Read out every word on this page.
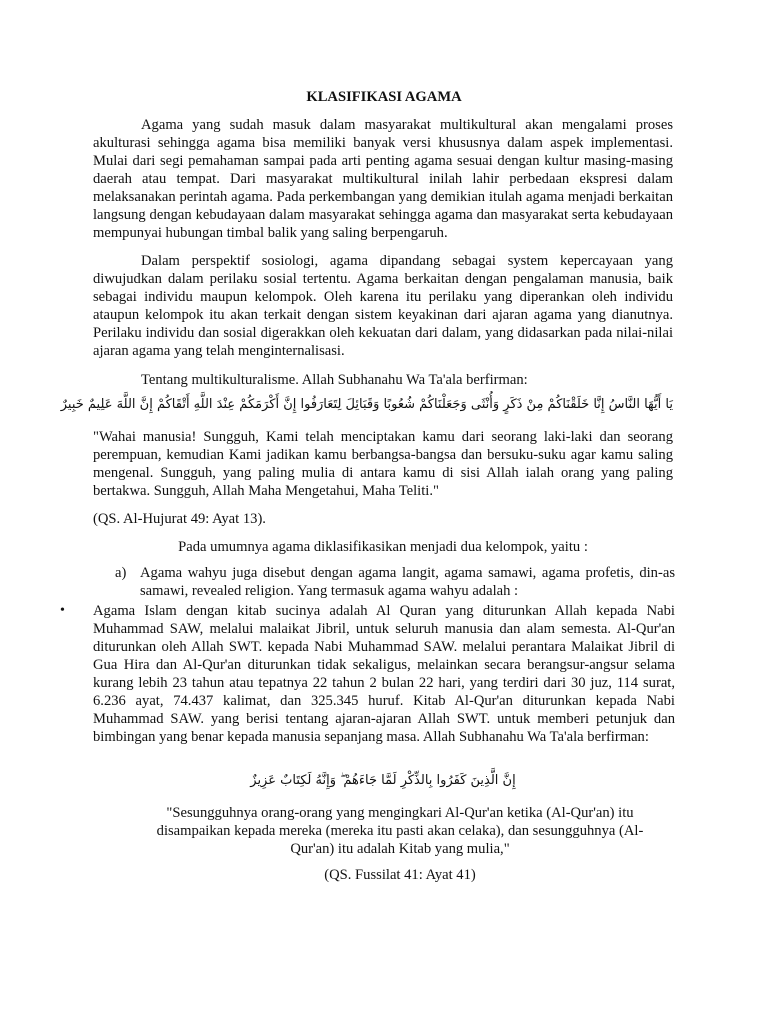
KLASIFIKASI AGAMA
Agama yang sudah masuk dalam masyarakat multikultural akan mengalami proses akulturasi sehingga agama bisa memiliki banyak versi khususnya dalam aspek implementasi. Mulai dari segi pemahaman sampai pada arti penting agama sesuai dengan kultur masing-masing daerah atau tempat. Dari masyarakat multikultural inilah lahir perbedaan ekspresi dalam melaksanakan perintah agama. Pada perkembangan yang demikian itulah agama menjadi berkaitan langsung dengan kebudayaan dalam masyarakat sehingga agama dan masyarakat serta kebudayaan mempunyai hubungan timbal balik yang saling berpengaruh.
Dalam perspektif sosiologi, agama dipandang sebagai system kepercayaan yang diwujudkan dalam perilaku sosial tertentu. Agama berkaitan dengan pengalaman manusia, baik sebagai individu maupun kelompok. Oleh karena itu perilaku yang diperankan oleh individu ataupun kelompok itu akan terkait dengan sistem keyakinan dari ajaran agama yang dianutnya. Perilaku individu dan sosial digerakkan oleh kekuatan dari dalam, yang didasarkan pada nilai-nilai ajaran agama yang telah menginternalisasi.
Tentang multikulturalisme. Allah Subhanahu Wa Ta'ala berfirman:
يَا أَيُّهَا النَّاسُ إِنَّا خَلَقْنَاكُمْ مِنْ ذَكَرٍ وَأُنْثَى وَجَعَلْنَاكُمْ شُعُوبًا وَقَبَائِلَ لِتَعَارَفُوا إِنَّ أَكْرَمَكُمْ عِنْدَ اللَّهِ أَتْقَاكُمْ إِنَّ اللَّهَ عَلِيمٌ خَبِيرٌ
"Wahai manusia! Sungguh, Kami telah menciptakan kamu dari seorang laki-laki dan seorang perempuan, kemudian Kami jadikan kamu berbangsa-bangsa dan bersuku-suku agar kamu saling mengenal. Sungguh, yang paling mulia di antara kamu di sisi Allah ialah orang yang paling bertakwa. Sungguh, Allah Maha Mengetahui, Maha Teliti."
(QS. Al-Hujurat 49: Ayat 13).
Pada umumnya agama diklasifikasikan menjadi dua kelompok, yaitu :
a) Agama wahyu juga disebut dengan agama langit, agama samawi, agama profetis, din-as samawi, revealed religion. Yang termasuk agama wahyu adalah :
• Agama Islam dengan kitab sucinya adalah Al Quran yang diturunkan Allah kepada Nabi Muhammad SAW, melalui malaikat Jibril, untuk seluruh manusia dan alam semesta. Al-Qur'an diturunkan oleh Allah SWT. kepada Nabi Muhammad SAW. melalui perantara Malaikat Jibril di Gua Hira dan Al-Qur'an diturunkan tidak sekaligus, melainkan secara berangsur-angsur selama kurang lebih 23 tahun atau tepatnya 22 tahun 2 bulan 22 hari, yang terdiri dari 30 juz, 114 surat, 6.236 ayat, 74.437 kalimat, dan 325.345 huruf. Kitab Al-Qur'an diturunkan kepada Nabi Muhammad SAW. yang berisi tentang ajaran-ajaran Allah SWT. untuk memberi petunjuk dan bimbingan yang benar kepada manusia sepanjang masa. Allah Subhanahu Wa Ta'ala berfirman:
إِنَّ الَّذِينَ كَفَرُوا بِالذِّكْرِ لَمَّا جَاءَهُمْ ۖ وَإِنَّهُ لَكِتَابٌ عَزِيزٌ
"Sesungguhnya orang-orang yang mengingkari Al-Qur'an ketika (Al-Qur'an) itu disampaikan kepada mereka (mereka itu pasti akan celaka), dan sesungguhnya (Al-Qur'an) itu adalah Kitab yang mulia,"
(QS. Fussilat 41: Ayat 41)
